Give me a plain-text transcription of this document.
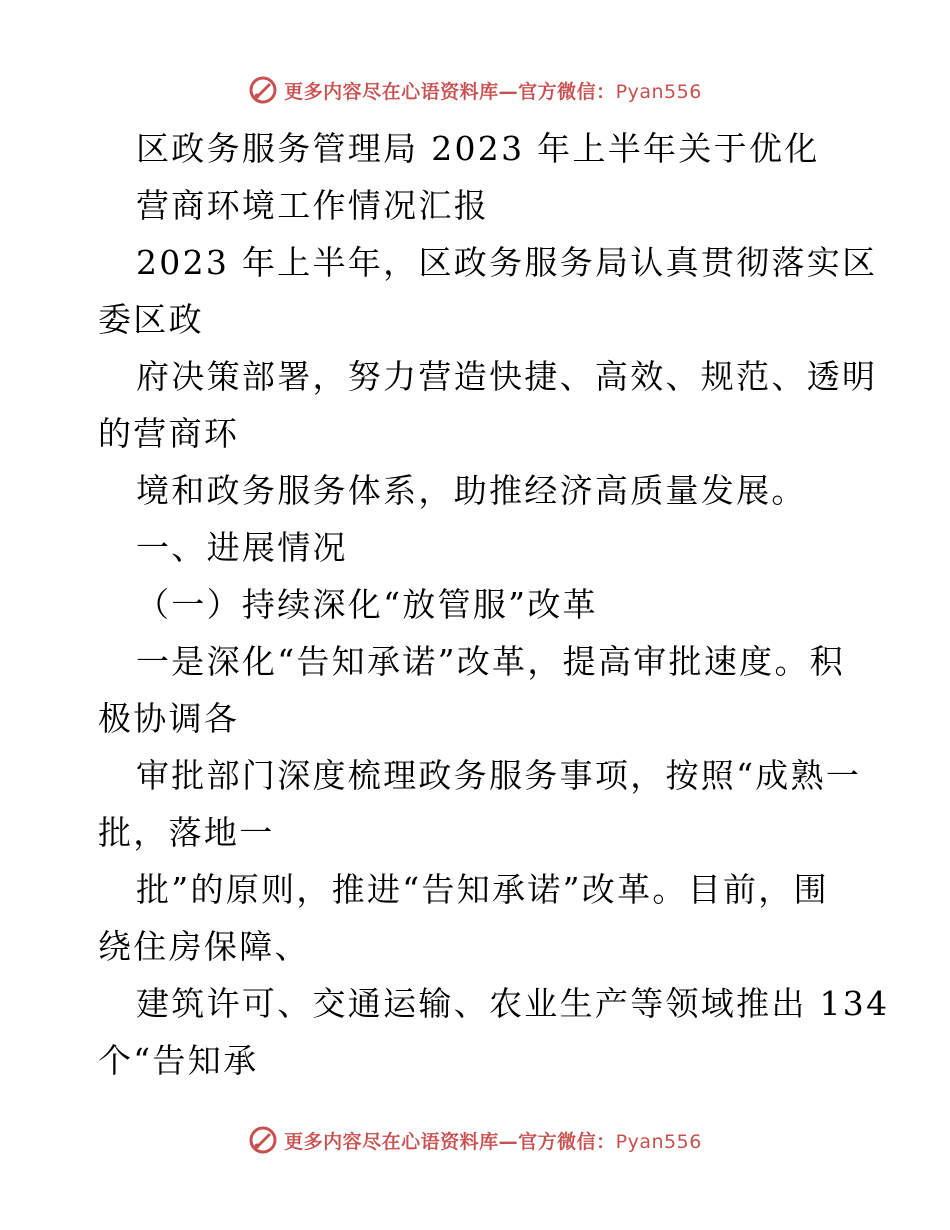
更多内容尽在心语资料库—官方微信：Pyan556
区政务服务管理局 2023 年上半年关于优化
营商环境工作情况汇报
2023 年上半年，区政务服务局认真贯彻落实区
委区政
府决策部署，努力营造快捷、高效、规范、透明
的营商环
境和政务服务体系，助推经济高质量发展。
一、进展情况
（一）持续深化“放管服”改革
一是深化“告知承诺”改革，提高审批速度。积
极协调各
审批部门深度梳理政务服务事项，按照“成熟一
批，落地一
批”的原则，推进“告知承诺”改革。目前，围
绕住房保障、
建筑许可、交通运输、农业生产等领域推出 134
个“告知承
更多内容尽在心语资料库—官方微信：Pyan556
